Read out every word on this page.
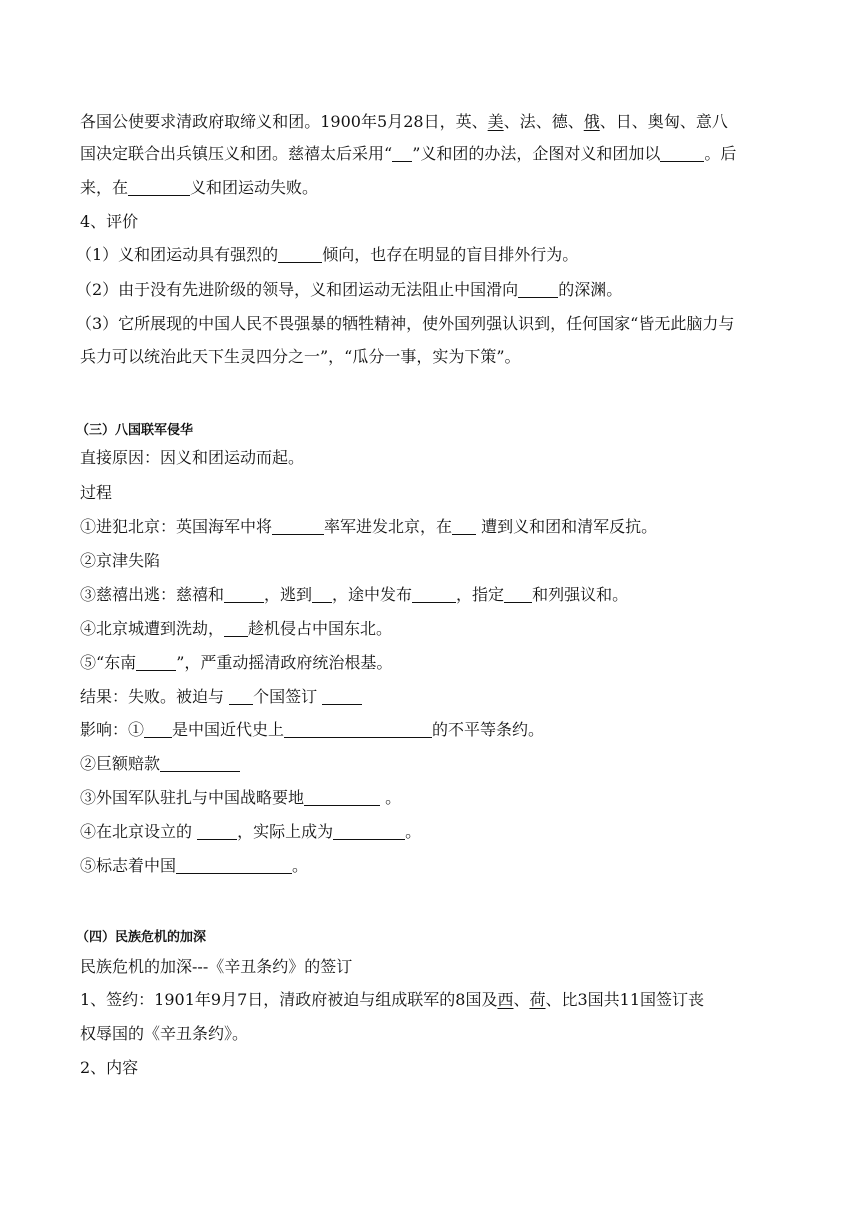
各国公使要求清政府取缔义和团。1900年5月28日，英、美、法、德、俄、日、奥匈、意八
国决定联合出兵镇压义和团。慈禧太后采用“ ”义和团的办法，企图对义和团加以	。后
来，在	义和团运动失败。
4、评价
（1）义和团运动具有强烈的	倾向，也存在明显的盲目排外行为。
（2）由于没有先进阶级的领导，义和团运动无法阻止中国滑向	的深渊。
（3）它所展现的中国人民不畏强暴的牺牲精神，使外国列强认识到，任何国家“皆无此脑力与
兵力可以统治此天下生灵四分之一”，“瓜分一事，实为下策”。
（三）八国联军侵华
直接原因：因义和团运动而起。
过程
①进犯北京：英国海军中将	率军进发北京，在 遭到义和团和清军反抗。
②京津失陷
③慈禧出逃：慈禧和	，逃到 ，途中发布	，指定 和列强议和。
④北京城遭到洗劫， 趁机侵占中国东北。
⑤“东南	”，严重动摇清政府统治根基。
结果：失败。被迫与 个国签订
影响：① 是中国近代史上	的不平等条约。
②巨额赔款
③外国军队驻扎与中国战略要地	。
④在北京设立的	，实际上成为	。
⑤标志着中国	。
（四）民族危机的加深
民族危机的加深---《辛丑条约》的签订
1、签约：1901年9月7日，清政府被迫与组成联军的8国及西、荷、比3国共11国签订丧
权辱国的《辛丑条约》。
2、内容
